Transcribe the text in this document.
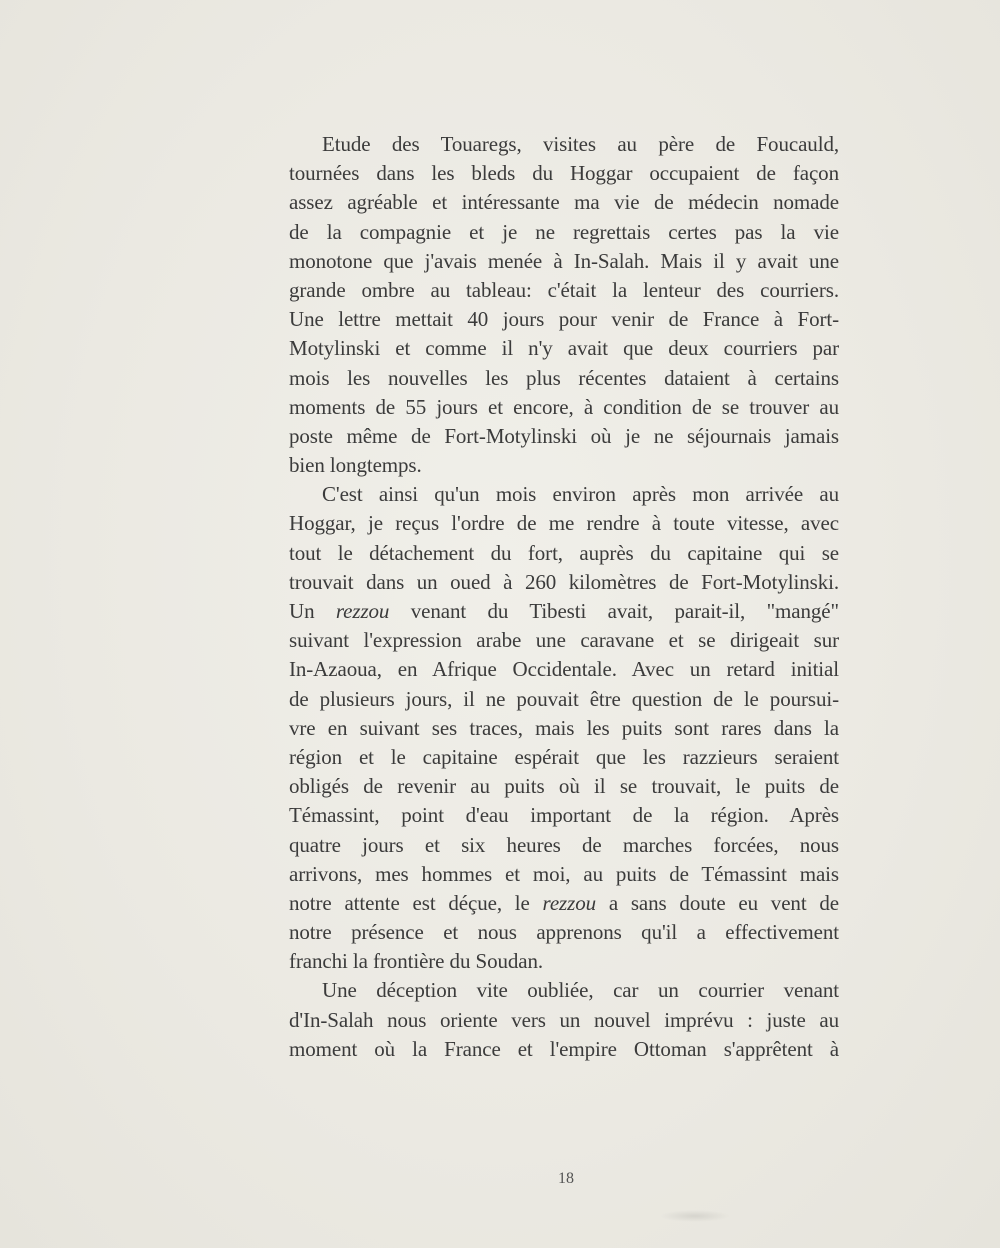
Etude des Touaregs, visites au père de Foucauld,
tournées dans les bleds du Hoggar occupaient de façon
assez agréable et intéressante ma vie de médecin nomade
de la compagnie et je ne regrettais certes pas la vie
monotone que j'avais menée à In-Salah. Mais il y avait une
grande ombre au tableau: c'était la lenteur des courriers.
Une lettre mettait 40 jours pour venir de France à Fort-
Motylinski et comme il n'y avait que deux courriers par
mois les nouvelles les plus récentes dataient à certains
moments de 55 jours et encore, à condition de se trouver au
poste même de Fort-Motylinski où je ne séjournais jamais
bien longtemps.
C'est ainsi qu'un mois environ après mon arrivée au
Hoggar, je reçus l'ordre de me rendre à toute vitesse, avec
tout le détachement du fort, auprès du capitaine qui se
trouvait dans un oued à 260 kilomètres de Fort-Motylinski.
Un rezzou venant du Tibesti avait, parait-il, "mangé"
suivant l'expression arabe une caravane et se dirigeait sur
In-Azaoua, en Afrique Occidentale. Avec un retard initial
de plusieurs jours, il ne pouvait être question de le poursui-
vre en suivant ses traces, mais les puits sont rares dans la
région et le capitaine espérait que les razzieurs seraient
obligés de revenir au puits où il se trouvait, le puits de
Témassint, point d'eau important de la région. Après
quatre jours et six heures de marches forcées, nous
arrivons, mes hommes et moi, au puits de Témassint mais
notre attente est déçue, le rezzou a sans doute eu vent de
notre présence et nous apprenons qu'il a effectivement
franchi la frontière du Soudan.
Une déception vite oubliée, car un courrier venant
d'In-Salah nous oriente vers un nouvel imprévu : juste au
moment où la France et l'empire Ottoman s'apprêtent à
18
